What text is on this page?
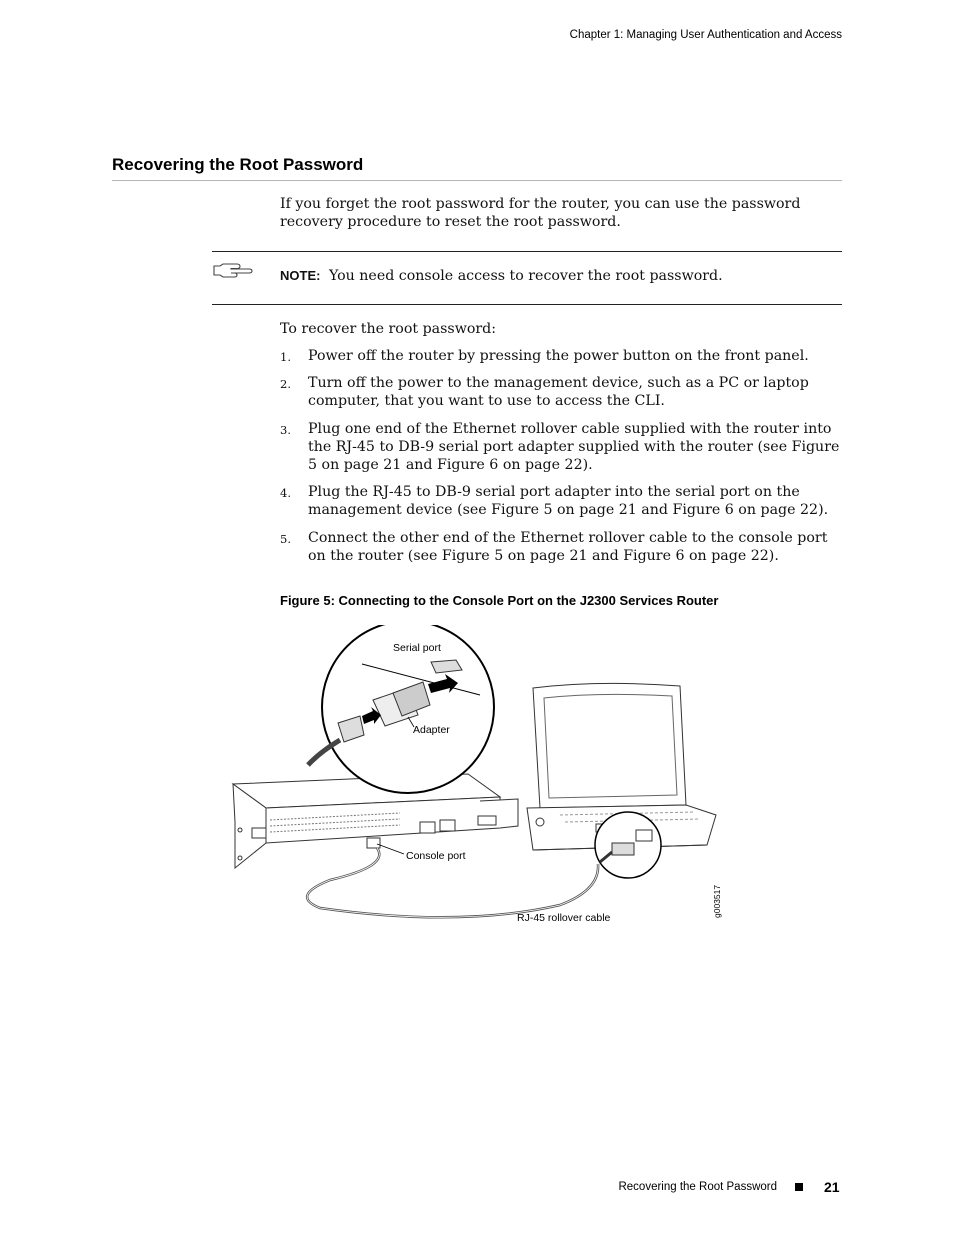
Chapter 1: Managing User Authentication and Access
Recovering the Root Password
If you forget the root password for the router, you can use the password recovery procedure to reset the root password.
NOTE: You need console access to recover the root password.
To recover the root password:
1. Power off the router by pressing the power button on the front panel.
2. Turn off the power to the management device, such as a PC or laptop computer, that you want to use to access the CLI.
3. Plug one end of the Ethernet rollover cable supplied with the router into the RJ-45 to DB-9 serial port adapter supplied with the router (see Figure 5 on page 21 and Figure 6 on page 22).
4. Plug the RJ-45 to DB-9 serial port adapter into the serial port on the management device (see Figure 5 on page 21 and Figure 6 on page 22).
5. Connect the other end of the Ethernet rollover cable to the console port on the router (see Figure 5 on page 21 and Figure 6 on page 22).
Figure 5: Connecting to the Console Port on the J2300 Services Router
Serial port
Adapter
Console port
RJ-45 rollover cable	g003517
Recovering the Root Password	21
